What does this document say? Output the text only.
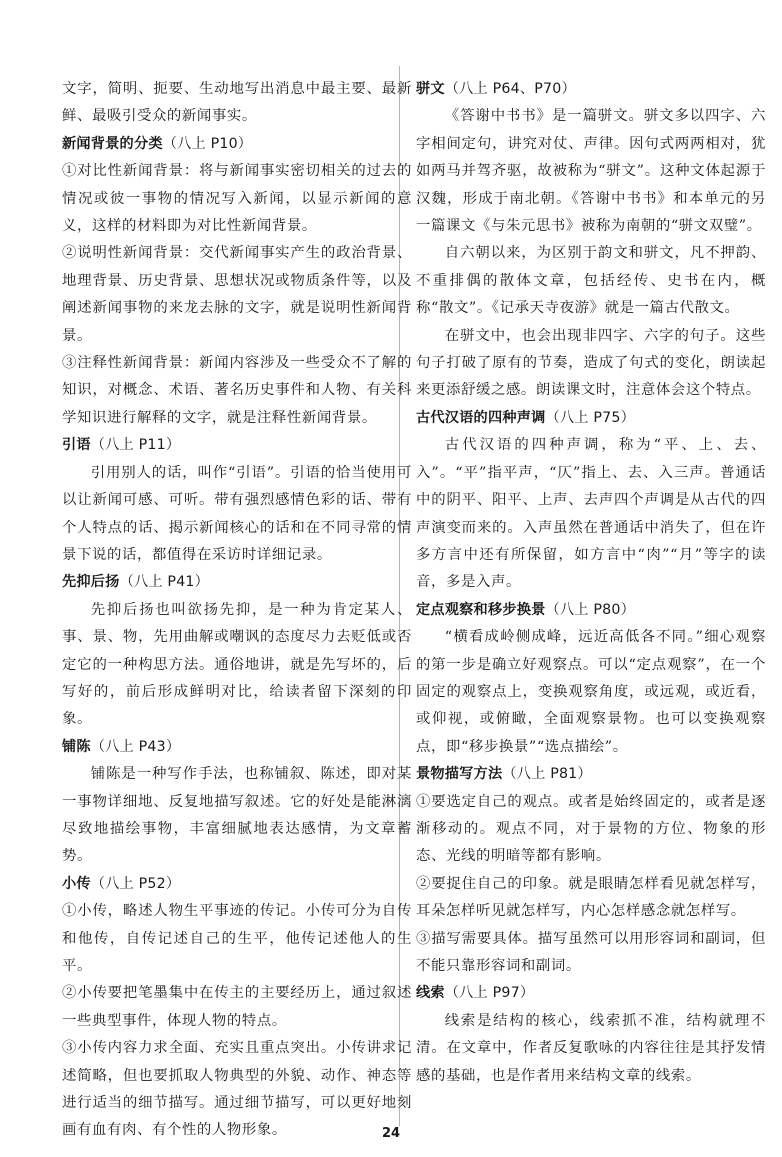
文字，简明、扼要、生动地写出消息中最主要、最新鲜、最吸引受众的新闻事实。

新闻背景的分类（八上 P10）

①对比性新闻背景：将与新闻事实密切相关的过去的情况或彼一事物的情况写入新闻，以显示新闻的意义，这样的材料即为对比性新闻背景。

②说明性新闻背景：交代新闻事实产生的政治背景、地理背景、历史背景、思想状况或物质条件等，以及阐述新闻事物的来龙去脉的文字，就是说明性新闻背景。

③注释性新闻背景：新闻内容涉及一些受众不了解的知识，对概念、术语、著名历史事件和人物、有关科学知识进行解释的文字，就是注释性新闻背景。

引语（八上 P11）

引用别人的话，叫作“引语”。引语的恰当使用可以让新闻可感、可听。带有强烈感情色彩的话、带有个人特点的话、揭示新闻核心的话和在不同寻常的情景下说的话，都值得在采访时详细记录。

先抑后扬（八上 P41）

先抑后扬也叫欲扬先抑，是一种为肯定某人、事、景、物，先用曲解或嘲讽的态度尽力去贬低或否定它的一种构思方法。通俗地讲，就是先写坏的，后写好的，前后形成鲜明对比，给读者留下深刻的印象。

铺陈（八上 P43）

铺陈是一种写作手法，也称铺叙、陈述，即对某一事物详细地、反复地描写叙述。它的好处是能淋漓尽致地描绘事物，丰富细腻地表达感情，为文章蓄势。

小传（八上 P52）

①小传，略述人物生平事迹的传记。小传可分为自传和他传，自传记述自己的生平，他传记述他人的生平。

②小传要把笔墨集中在传主的主要经历上，通过叙述一些典型事件，体现人物的特点。

③小传内容力求全面、充实且重点突出。小传讲求记述简略，但也要抓取人物典型的外貌、动作、神态等进行适当的细节描写。通过细节描写，可以更好地刻画有血有肉、有个性的人物形象。

骈文（八上 P64、P70）

《答谢中书书》是一篇骈文。骈文多以四字、六字相间定句，讲究对仗、声律。因句式两两相对，犹如两马并驾齐驱，故被称为“骈文”。这种文体起源于汉魏，形成于南北朝。《答谢中书书》和本单元的另一篇课文《与朱元思书》被称为南朝的“骈文双璧”。

自六朝以来，为区别于韵文和骈文，凡不押韵、不重排偶的散体文章，包括经传、史书在内，概称“散文”。《记承天寺夜游》就是一篇古代散文。

在骈文中，也会出现非四字、六字的句子。这些句子打破了原有的节奏，造成了句式的变化，朗读起来更添舒缓之感。朗读课文时，注意体会这个特点。

古代汉语的四种声调（八上 P75）

古代汉语的四种声调，称为“平、上、去、入”。“平”指平声，“仄”指上、去、入三声。普通话中的阴平、阳平、上声、去声四个声调是从古代的四声演变而来的。入声虽然在普通话中消失了，但在许多方言中还有所保留，如方言中“肉”“月”等字的读音，多是入声。

定点观察和移步换景（八上 P80）

“横看成岭侧成峰，远近高低各不同。”细心观察的第一步是确立好观察点。可以“定点观察”，在一个固定的观察点上，变换观察角度，或远观，或近看，或仰视，或俯瞰，全面观察景物。也可以变换观察点，即“移步换景”“选点描绘”。

景物描写方法（八上 P81）

①要选定自己的观点。或者是始终固定的，或者是逐渐移动的。观点不同，对于景物的方位、物象的形态、光线的明暗等都有影响。

②要捉住自己的印象。就是眼睛怎样看见就怎样写，耳朵怎样听见就怎样写，内心怎样感念就怎样写。

③描写需要具体。描写虽然可以用形容词和副词，但不能只靠形容词和副词。

线索（八上 P97）

线索是结构的核心，线索抓不准，结构就理不清。在文章中，作者反复歌咏的内容往往是其抒发情感的基础，也是作者用来结构文章的线索。

24
